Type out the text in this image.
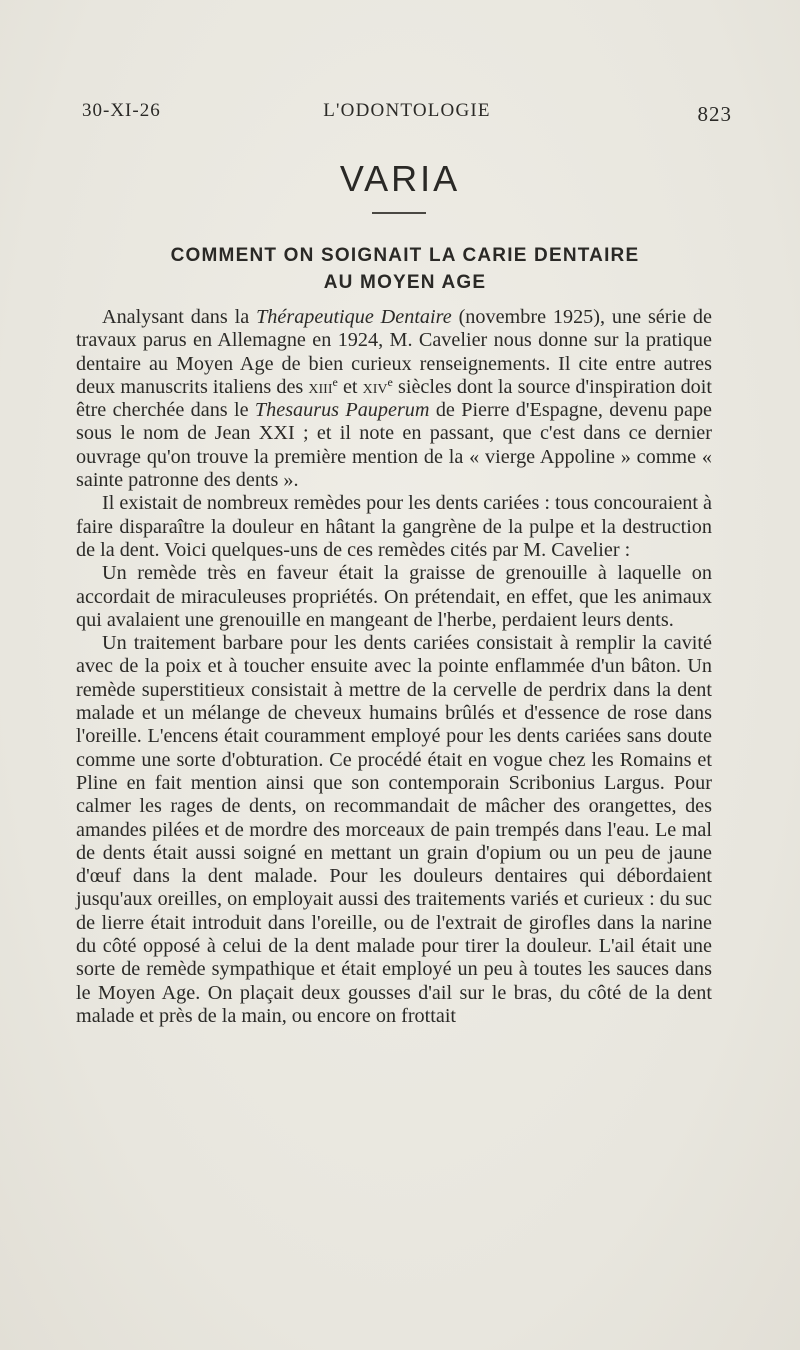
30-XI-26	L'ODONTOLOGIE	823
VARIA
COMMENT ON SOIGNAIT LA CARIE DENTAIRE
AU MOYEN AGE

Analysant dans la Thérapeutique Dentaire (novembre 1925), une série de travaux parus en Allemagne en 1924, M. Cavelier nous donne sur la pratique dentaire au Moyen Age de bien curieux renseignements. Il cite entre autres deux manuscrits italiens des xiii$^e$ et xiv$^e$ siècles dont la source d'inspiration doit être cherchée dans le Thesaurus Pauperum de Pierre d'Espagne, devenu pape sous le nom de Jean XXI ; et il note en passant, que c'est dans ce dernier ouvrage qu'on trouve la première mention de la « vierge Appoline » comme « sainte patronne des dents ».

Il existait de nombreux remèdes pour les dents cariées : tous concouraient à faire disparaître la douleur en hâtant la gangrène de la pulpe et la destruction de la dent. Voici quelques-uns de ces remèdes cités par M. Cavelier :

Un remède très en faveur était la graisse de grenouille à laquelle on accordait de miraculeuses propriétés. On prétendait, en effet, que les animaux qui avalaient une grenouille en mangeant de l'herbe, perdaient leurs dents.

Un traitement barbare pour les dents cariées consistait à remplir la cavité avec de la poix et à toucher ensuite avec la pointe enflammée d'un bâton. Un remède superstitieux consistait à mettre de la cervelle de perdrix dans la dent malade et un mélange de cheveux humains brûlés et d'essence de rose dans l'oreille. L'encens était couramment employé pour les dents cariées sans doute comme une sorte d'obturation. Ce procédé était en vogue chez les Romains et Pline en fait mention ainsi que son contemporain Scribonius Largus. Pour calmer les rages de dents, on recommandait de mâcher des orangettes, des amandes pilées et de mordre des morceaux de pain trempés dans l'eau. Le mal de dents était aussi soigné en mettant un grain d'opium ou un peu de jaune d'œuf dans la dent malade. Pour les douleurs dentaires qui débordaient jusqu'aux oreilles, on employait aussi des traitements variés et curieux : du suc de lierre était introduit dans l'oreille, ou de l'extrait de girofles dans la narine du côté opposé à celui de la dent malade pour tirer la douleur. L'ail était une sorte de remède sympathique et était employé un peu à toutes les sauces dans le Moyen Age. On plaçait deux gousses d'ail sur le bras, du côté de la dent malade et près de la main, ou encore on frottait
